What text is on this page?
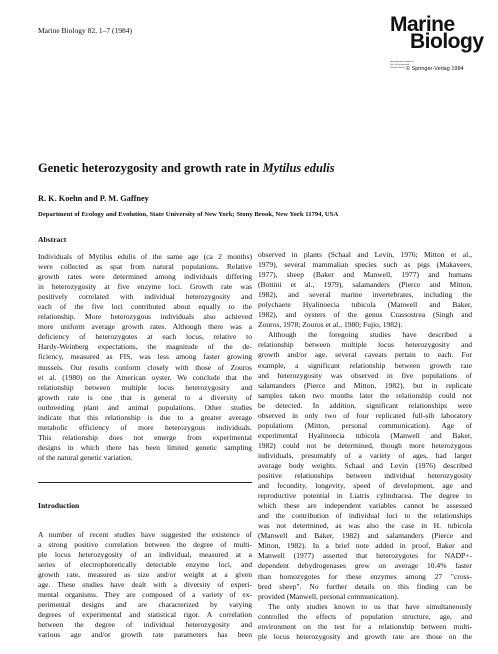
Marine Biology 82, 1–7 (1984)	Marine
Biology
International Journal on Life in Oceans and Coastal Waters © Springer-Verlag 1984
Genetic heterozygosity and growth rate in Mytilus edulis
R. K. Koehn and P. M. Gaffney
Department of Ecology and Evolution, State University of New York; Stony Brook, New York 11794, USA
Abstract
Individuals of Mytilus edulis of the same age (ca 2 months)
were collected as spat from natural populations. Relative
growth rates were determined among individuals differing
in heterozygosity at five enzyme loci. Growth rate was
positively correlated with individual heterozygosity and
each of the five loci contributed about equally to the
relationship. More heterozygous individuals also achieved
more uniform average growth rates. Although there was a
deficiency of heterozygotes at each locus, relative to
Hardy-Weinberg expectations, the magnitude of the de-
ficiency, measured as FIS, was less among faster growing
mussels. Our results conform closely with those of Zouros
et al. (1980) on the American oyster. We conclude that the
relationship between multiple locus heterozygosity and
growth rate is one that is general to a diversity of
outbreeding plant and animal populations. Other studies
indicate that this relationship is due to a greater average
metabolic efficiency of more heterozygous individuals.
This relationship does not emerge from experimental
designs in which there has been limited genetic sampling
of the natural genetic variation.
Introduction
A number of recent studies have suggested the existence of
a strong positive correlation between the degree of multi-
ple locus heterozygosity of an individual, measured at a
series of electrophoretically detectable enzyme loci, and
growth rate, measured as size and/or weight at a given
age. These studies have dealt with a diversity of experi-
mental organisms. They are composed of a variety of ex-
perimental designs and are characterized by varying
degrees of experimental and statistical rigor. A correlation
between the degree of individual heterozygosity and
various age and/or growth rate parameters has been
observed in plants (Schaal and Levin, 1976; Mitton et al.,
1979), several mammalian species such as pigs (Makaveev,
1977), sheep (Baker and Manwell, 1977) and humans
(Bottini et al., 1979), salamanders (Pierce and Mitton,
1982), and several marine invertebrates, including the
polychaete Hyalinoecia tubicola (Manwell and Baker,
1982), and oysters of the genus Crassostrea (Singh and
Zouros, 1978; Zouros et al., 1980; Fujio, 1982).
Although the foregoing studies have described a
relationship between multiple locus heterozygosity and
growth and/or age, several caveats pertain to each. For
example, a significant relationship between growth rate
and heterozygosity was observed in five populations of
salamanders (Pierce and Mitton, 1982), but in replicate
samples taken two months later the relationship could not
be detected. In addition, significant relationships were
observed in only two of four replicated full-sib laboratory
populations (Mitton, personal communication). Age of
experimental Hyalinoecia tubicola (Manwell and Baker,
1982) could not be determined, though more heterozygous
individuals, presumably of a variety of ages, had larger
average body weights. Schaal and Levin (1976) described
positive relationships between individual heterozygosity
and fecundity, longevity, speed of development, age and
reproductive potential in Liatris cylindracea. The degree to
which these are independent variables cannot be assessed
and the contribution of individual loci to the relationships
was not determined, as was also the case in H. tubicola
(Manwell and Baker, 1982) and salamanders (Pierce and
Mitton, 1982). In a brief note added in proof, Baker and
Manwell (1977) asserted that heterozygotes for NADP+-
dependent dehydrogenases grew on average 10.4% faster
than homozygotes for these enzymes among 27 "cross-
bred sheep". No further details on this finding can be
provided (Manwell, personal communication).
The only studies known to us that have simultaneously
controlled the effects of population structure, age, and
environment on the test for a relationship between multi-
ple locus heterozygosity and growth rate are those on the
